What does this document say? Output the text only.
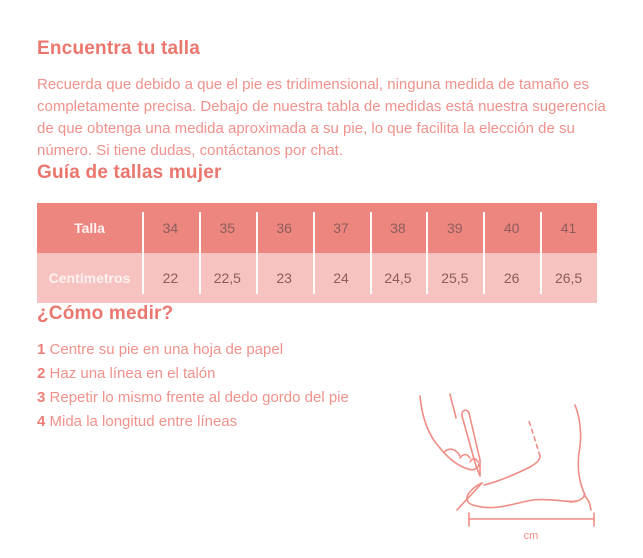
Encuentra tu talla

Recuerda que debido a que el pie es tridimensional, ninguna medida de tamaño es completamente precisa. Debajo de nuestra tabla de medidas está nuestra sugerencia de que obtenga una medida aproximada a su pie, lo que facilita la elección de su número. Si tiene dudas, contáctanos por chat.

Guía de tallas mujer
Talla	34	35	36	37	38	39	40	41
Centímetros	22	22,5	23	24	24,5	25,5	26	26,5
¿Cómo medir?
1 Centre su pie en una hoja de papel
2 Haz una línea en el talón
3 Repetir lo mismo frente al dedo gordo del pie
4 Mida la longitud entre líneas
cm
